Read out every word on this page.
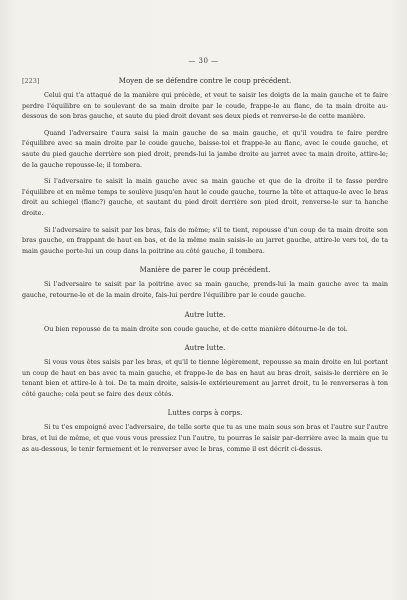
— 30 —
[223]	Moyen de se défendre contre le coup précédent.

Celui qui t'a attaqué de la manière qui précède, et veut te saisir les doigts de la main gauche et te faire perdre l'équilibre en te soulevant de sa main droite par le coude, frappe-le au flanc, de ta main droite au-dessous de son bras gauche, et saute du pied droit devant ses deux pieds et renverse-le de cette manière.

Quand l'adversaire t'aura saisi la main gauche de sa main gauche, et qu'il voudra te faire perdre l'équilibre avec sa main droite par le coude gauche, baisse-toi et frappe-le au flanc, avec le coude gauche, et saute du pied gauche derrière son pied droit, prends-lui la jambe droite au jarret avec ta main droite, attire-le; de la gauche repousse-le; il tombera.

Si l'adversaire te saisit la main gauche avec sa main gauche et que de la droite il te fasse perdre l'équilibre et en même temps te soulève jusqu'en haut le coude gauche, tourne la tête et attaque-le avec le bras droit au schiegel (flanc?) gauche, et sautant du pied droit derrière son pied droit, renverse-le sur ta hanche droite.

Si l'adversaire te saisit par les bras, fais de même; s'il te tient, repousse d'un coup de ta main droite son bras gauche, en frappant de haut en bas, et de la même main saisis-le au jarret gauche, attire-le vers toi, de ta main gauche porte-lui un coup dans la poitrine au côté gauche, il tombera.

Manière de parer le coup précédent.

Si l'adversaire te saisit par la poitrine avec sa main gauche, prends-lui la main gauche avec ta main gauche, retourne-le et de la main droite, fais-lui perdre l'équilibre par le coude gauche.

Autre lutte.

Ou bien repousse de ta main droite son coude gauche, et de cette manière détourne-le de toi.

Autre lutte.

Si vous vous êtes saisis par les bras, et qu'il te tienne légèrement, repousse sa main droite en lui portant un coup de haut en bas avec ta main gauche, et frappe-le de bas en haut au bras droit, saisis-le derrière en le tenant bien et attire-le à toi. De ta main droite, saisis-le extérieurement au jarret droit, tu le renverseras à ton côté gauche; cela peut se faire des deux côtés.

Luttes corps à corps.

Si tu t'es empoigné avec l'adversaire, de telle sorte que tu as une main sous son bras et l'autre sur l'autre bras, et lui de même, et que vous vous pressiez l'un l'autre, tu pourras le saisir par-derrière avec la main que tu as au-dessous, le tenir fermement et le renverser avec le bras, comme il est décrit ci-dessus.
